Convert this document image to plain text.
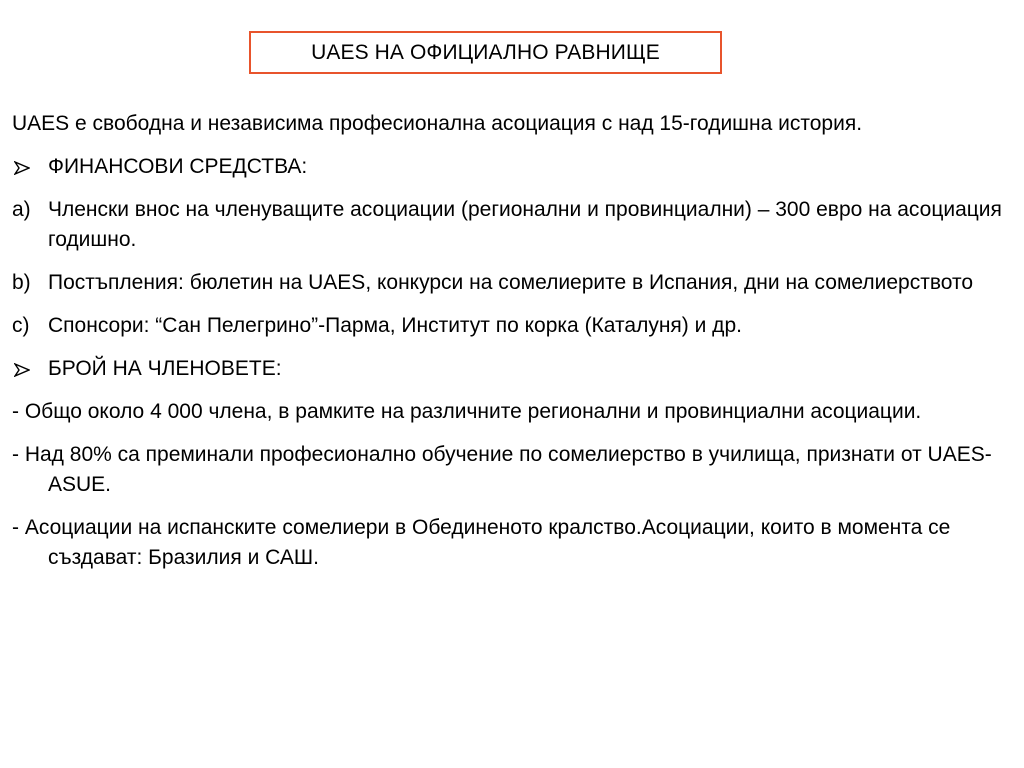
UAES НА ОФИЦИАЛНО РАВНИЩЕ
UAES е свободна и независима професионална асоциация с над 15-годишна история.
ФИНАНСОВИ СРЕДСТВА:
a) Членски внос на членуващите асоциации (регионални и провинциални) – 300 евро на асоциация годишно.
b) Постъпления: бюлетин на UAES, конкурси на сомелиерите в Испания, дни на сомелиерството
c) Спонсори: “Сан Пелегрино”-Парма, Институт по корка (Каталуня) и др.
БРОЙ НА ЧЛЕНОВЕТЕ:
- Общо около 4 000 члена, в рамките на различните регионални и провинциални асоциации.
- Над 80% са преминали професионално обучение по сомелиерство в училища, признати от UAES-ASUE.
- Асоциации на испанските сомелиери в Обединеното кралство.Асоциации, които в момента се създават: Бразилия и САШ.
